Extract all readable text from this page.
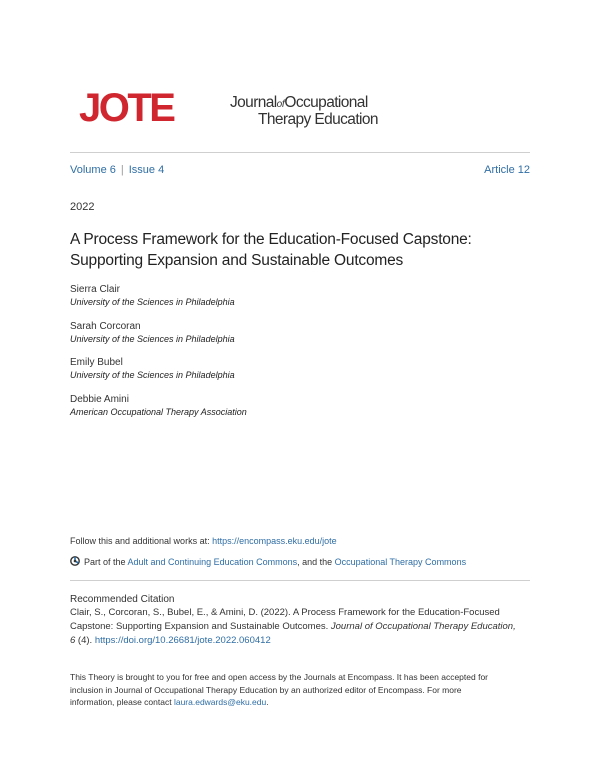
JOTE	JournalofOccupational
Therapy Education
Volume 6 | Issue 4	Article 12
2022
A Process Framework for the Education-Focused Capstone: Supporting Expansion and Sustainable Outcomes
Sierra Clair
University of the Sciences in Philadelphia
Sarah Corcoran
University of the Sciences in Philadelphia
Emily Bubel
University of the Sciences in Philadelphia
Debbie Amini
American Occupational Therapy Association
Follow this and additional works at: https://encompass.eku.edu/jote
Part of the Adult and Continuing Education Commons, and the Occupational Therapy Commons
Recommended Citation
Clair, S., Corcoran, S., Bubel, E., & Amini, D. (2022). A Process Framework for the Education-Focused
Capstone: Supporting Expansion and Sustainable Outcomes. Journal of Occupational Therapy Education,
6 (4). https://doi.org/10.26681/jote.2022.060412
This Theory is brought to you for free and open access by the Journals at Encompass. It has been accepted for
inclusion in Journal of Occupational Therapy Education by an authorized editor of Encompass. For more
information, please contact laura.edwards@eku.edu.
